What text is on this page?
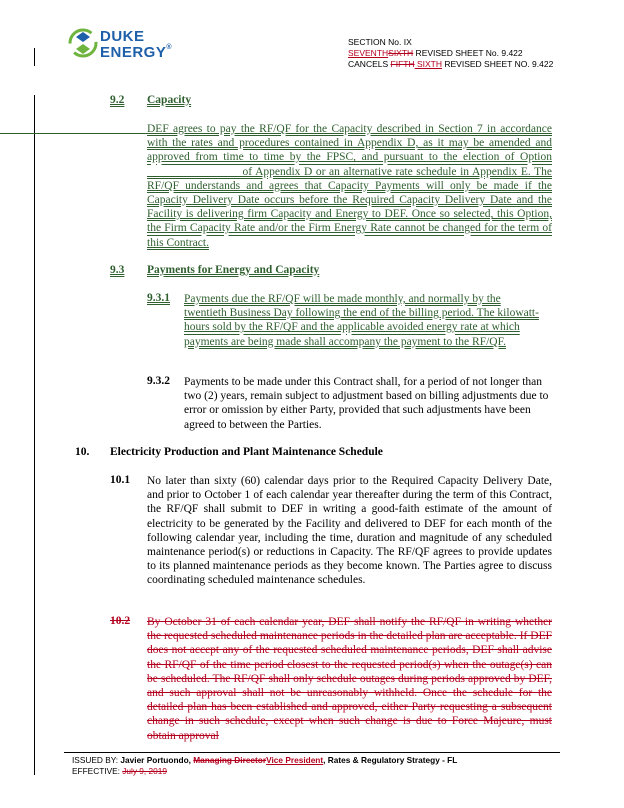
DUKE
ENERGY®
SECTION No. IX
SEVENTHSIXTH REVISED SHEET No. 9.422
CANCELS FIFTH SIXTH REVISED SHEET NO. 9.422
9.2 Capacity
DEF agrees to pay the RF/QF for the Capacity described in Section 7 in accordance with the rates and procedures contained in Appendix D, as it may be amended and approved from time to time by the FPSC, and pursuant to the election of Option ________________ of Appendix D or an alternative rate schedule in Appendix E. The RF/QF understands and agrees that Capacity Payments will only be made if the Capacity Delivery Date occurs before the Required Capacity Delivery Date and the Facility is delivering firm Capacity and Energy to DEF. Once so selected, this Option, the Firm Capacity Rate and/or the Firm Energy Rate cannot be changed for the term of this Contract.
9.3 Payments for Energy and Capacity
9.3.1 Payments due the RF/QF will be made monthly, and normally by the twentieth Business Day following the end of the billing period. The kilowatt-hours sold by the RF/QF and the applicable avoided energy rate at which payments are being made shall accompany the payment to the RF/QF.
9.3.2 Payments to be made under this Contract shall, for a period of not longer than two (2) years, remain subject to adjustment based on billing adjustments due to error or omission by either Party, provided that such adjustments have been agreed to between the Parties.
10. Electricity Production and Plant Maintenance Schedule
10.1 No later than sixty (60) calendar days prior to the Required Capacity Delivery Date, and prior to October 1 of each calendar year thereafter during the term of this Contract, the RF/QF shall submit to DEF in writing a good-faith estimate of the amount of electricity to be generated by the Facility and delivered to DEF for each month of the following calendar year, including the time, duration and magnitude of any scheduled maintenance period(s) or reductions in Capacity. The RF/QF agrees to provide updates to its planned maintenance periods as they become known. The Parties agree to discuss coordinating scheduled maintenance schedules.
10.2 By October 31 of each calendar year, DEF shall notify the RF/QF in writing whether the requested scheduled maintenance periods in the detailed plan are acceptable. If DEF does not accept any of the requested scheduled maintenance periods, DEF shall advise the RF/QF of the time period closest to the requested period(s) when the outage(s) can be scheduled. The RF/QF shall only schedule outages during periods approved by DEF, and such approval shall not be unreasonably withheld. Once the schedule for the detailed plan has been established and approved, either Party requesting a subsequent change in such schedule, except when such change is due to Force Majeure, must obtain approval
ISSUED BY: Javier Portuondo, Managing DirectorVice President, Rates & Regulatory Strategy - FL
EFFECTIVE: July 9, 2019
